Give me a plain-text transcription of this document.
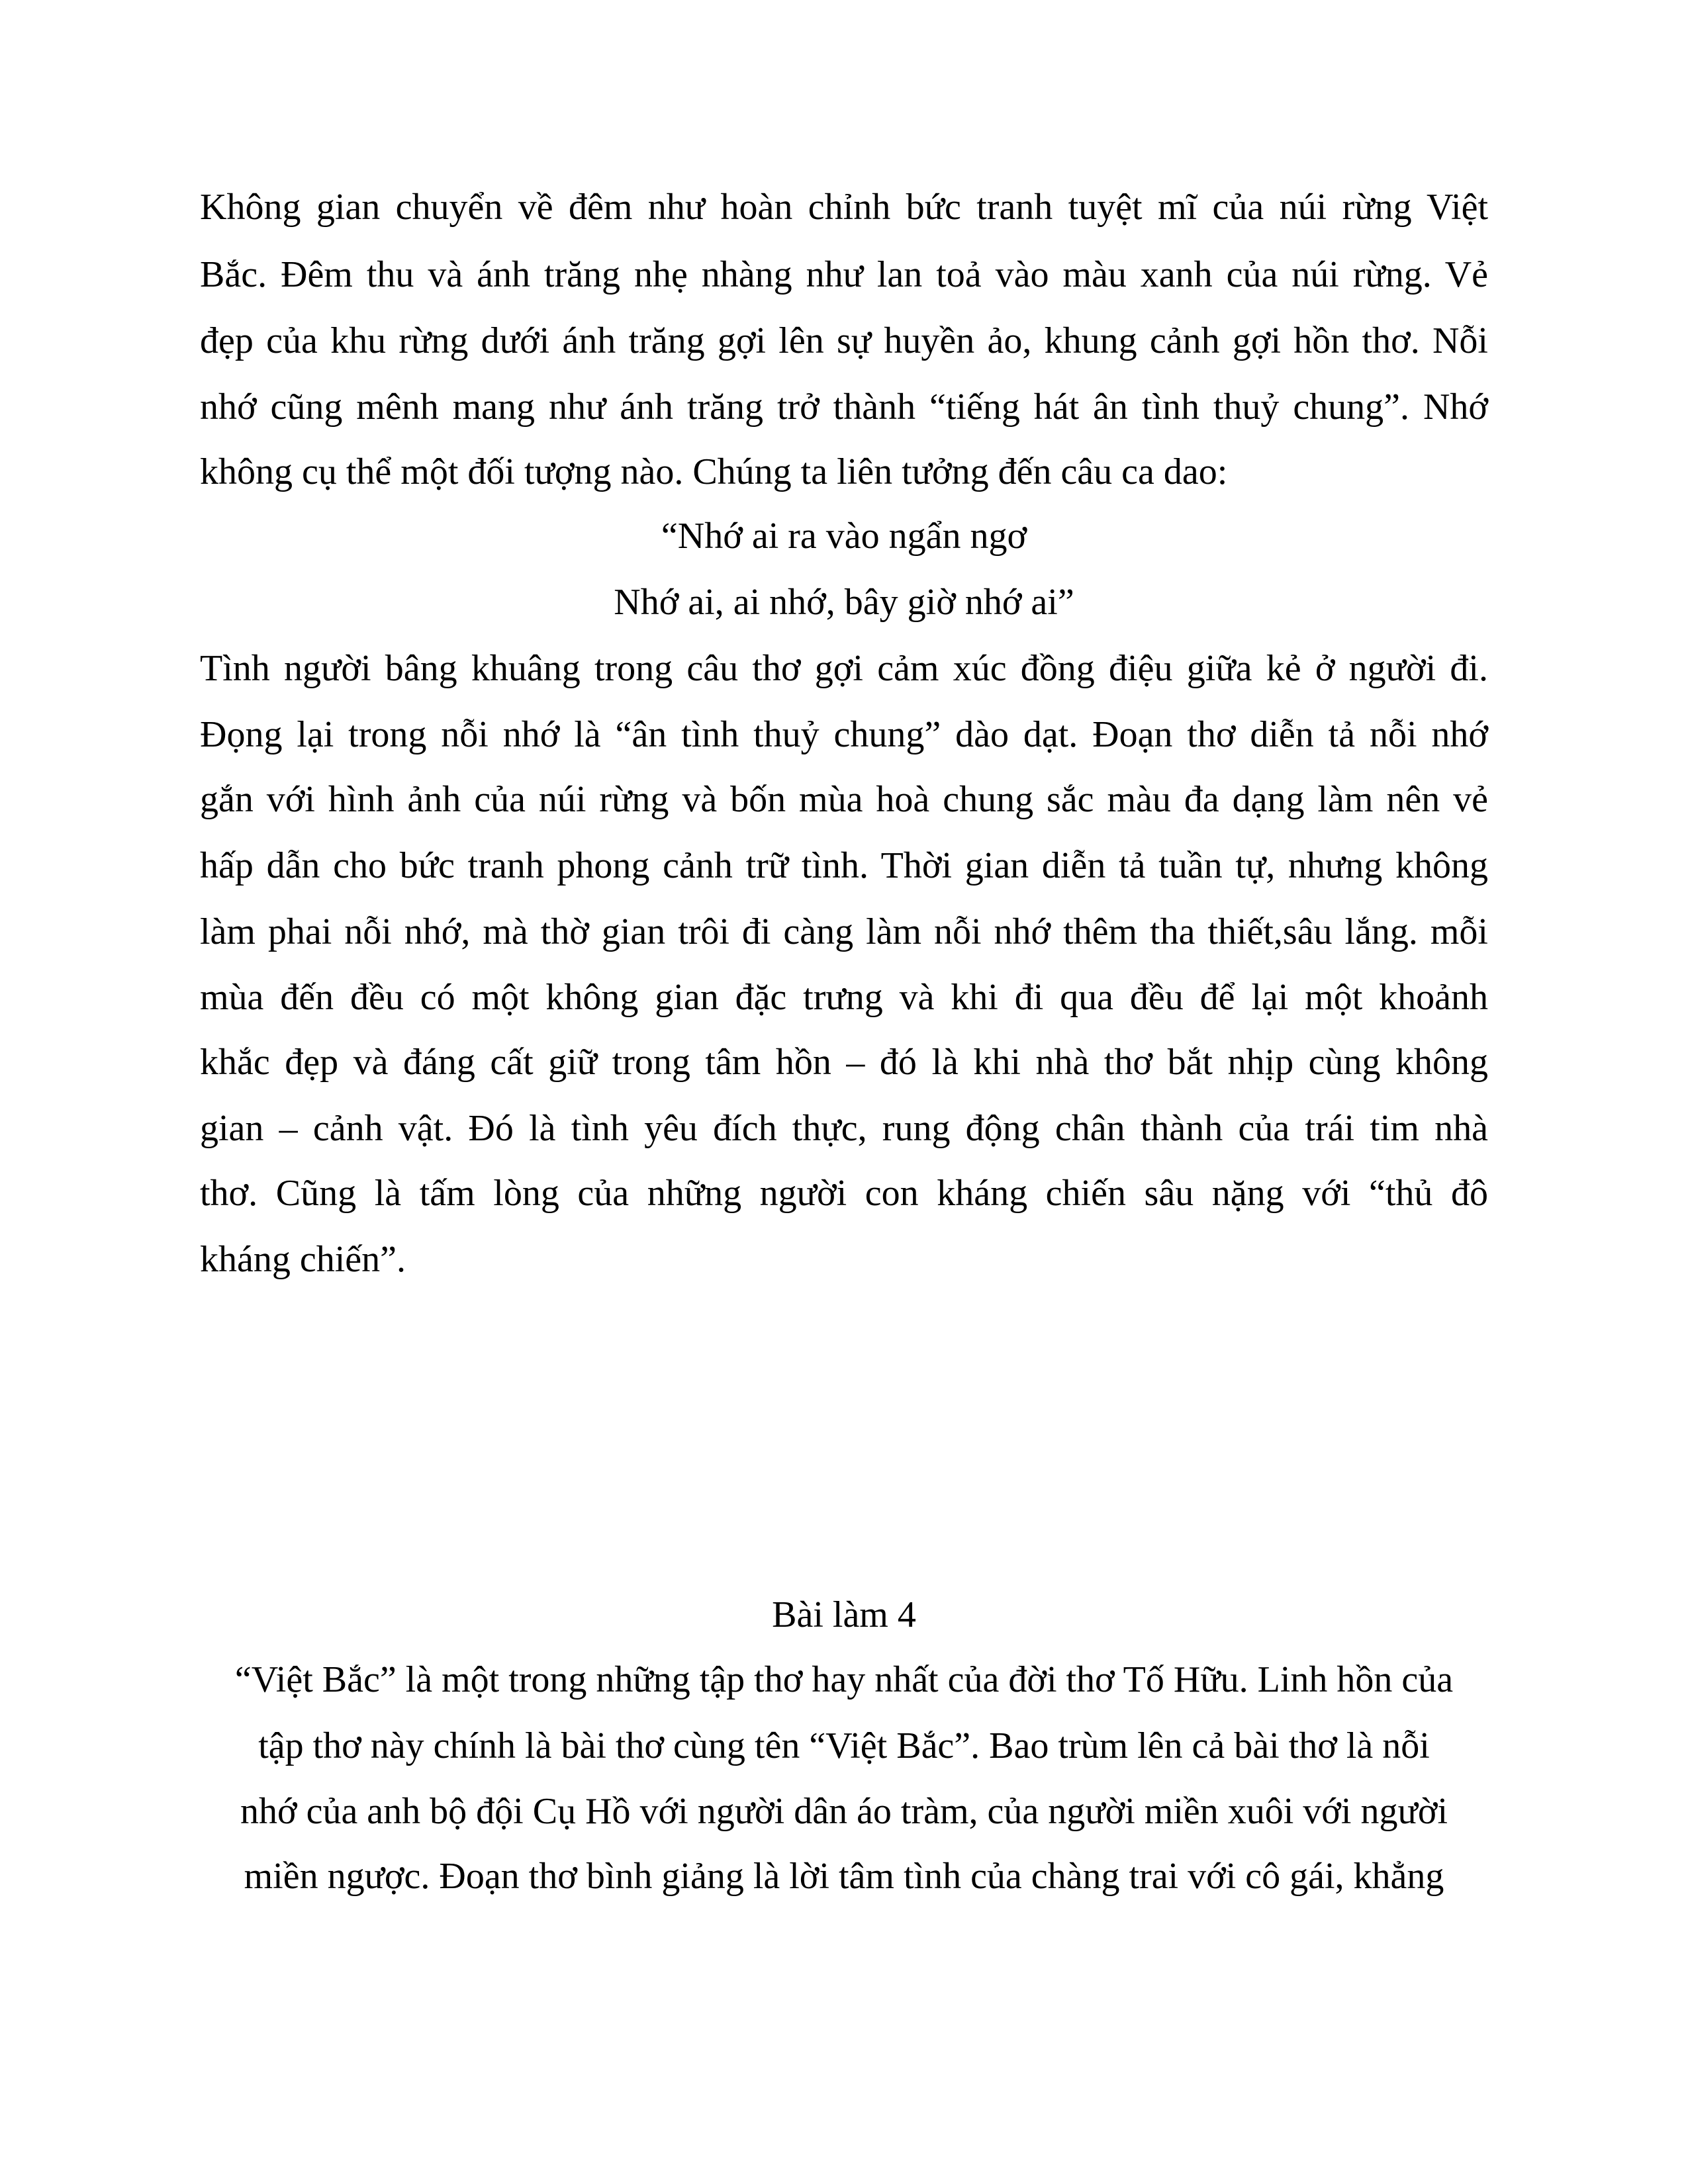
Không gian chuyển về đêm như hoàn chỉnh bức tranh tuyệt mĩ của núi rừng Việt
Bắc. Đêm thu và ánh trăng nhẹ nhàng như lan toả vào màu xanh của núi rừng. Vẻ
đẹp của khu rừng dưới ánh trăng gợi lên sự huyền ảo, khung cảnh gợi hồn thơ. Nỗi
nhớ cũng mênh mang như ánh trăng trở thành “tiếng hát ân tình thuỷ chung”. Nhớ
không cụ thể một đối tượng nào. Chúng ta liên tưởng đến câu ca dao:
“Nhớ ai ra vào ngẩn ngơ
Nhớ ai, ai nhớ, bây giờ nhớ ai”
Tình người bâng khuâng trong câu thơ gợi cảm xúc đồng điệu giữa kẻ ở người đi.
Đọng lại trong nỗi nhớ là “ân tình thuỷ chung” dào dạt. Đoạn thơ diễn tả nỗi nhớ
gắn với hình ảnh của núi rừng và bốn mùa hoà chung sắc màu đa dạng làm nên vẻ
hấp dẫn cho bức tranh phong cảnh trữ tình. Thời gian diễn tả tuần tự, nhưng không
làm phai nỗi nhớ, mà thờ gian trôi đi càng làm nỗi nhớ thêm tha thiết,sâu lắng. mỗi
mùa đến đều có một không gian đặc trưng và khi đi qua đều để lại một khoảnh
khắc đẹp và đáng cất giữ trong tâm hồn – đó là khi nhà thơ bắt nhịp cùng không
gian – cảnh vật. Đó là tình yêu đích thực, rung động chân thành của trái tim nhà
thơ. Cũng là tấm lòng của những người con kháng chiến sâu nặng với “thủ đô
kháng chiến”.
Bài làm 4
“Việt Bắc” là một trong những tập thơ hay nhất của đời thơ Tố Hữu. Linh hồn của
tập thơ này chính là bài thơ cùng tên “Việt Bắc”. Bao trùm lên cả bài thơ là nỗi
nhớ của anh bộ đội Cụ Hồ với người dân áo tràm, của người miền xuôi với người
miền ngược. Đoạn thơ bình giảng là lời tâm tình của chàng trai với cô gái, khẳng
